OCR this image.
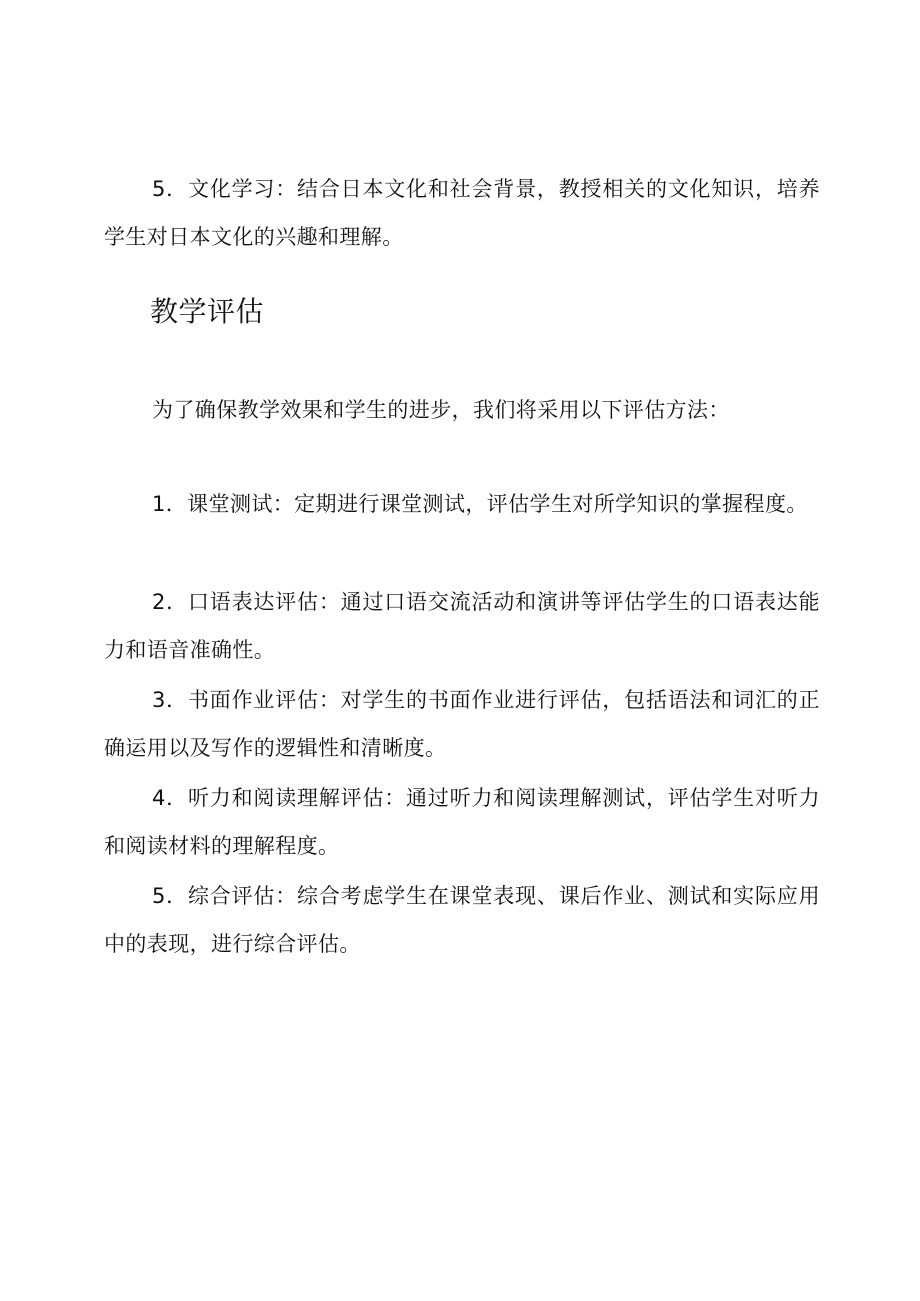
5．文化学习：结合日本文化和社会背景，教授相关的文化知识，培养学生对日本文化的兴趣和理解。

教学评估

为了确保教学效果和学生的进步，我们将采用以下评估方法：

1．课堂测试：定期进行课堂测试，评估学生对所学知识的掌握程度。

2．口语表达评估：通过口语交流活动和演讲等评估学生的口语表达能力和语音准确性。

3．书面作业评估：对学生的书面作业进行评估，包括语法和词汇的正确运用以及写作的逻辑性和清晰度。

4．听力和阅读理解评估：通过听力和阅读理解测试，评估学生对听力和阅读材料的理解程度。

5．综合评估：综合考虑学生在课堂表现、课后作业、测试和实际应用中的表现，进行综合评估。
